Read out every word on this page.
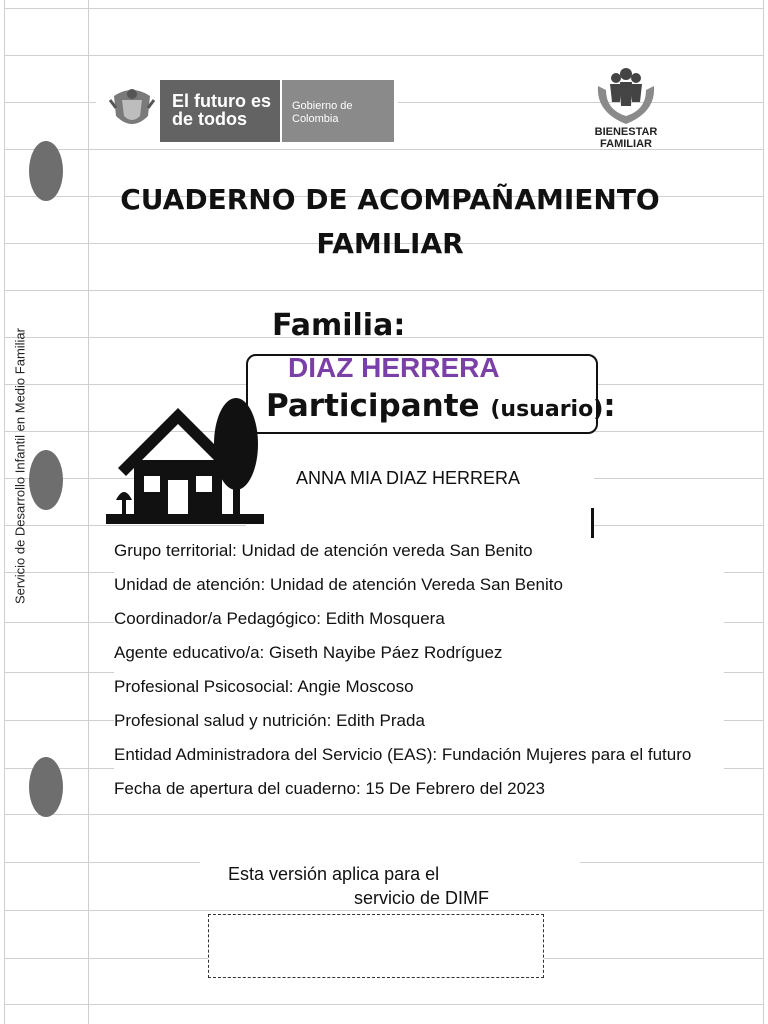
Servicio de Desarrollo Infantil en Medio Familiar
El futuro es de todos
Gobierno de Colombia
BIENESTAR FAMILIAR
CUADERNO DE ACOMPAÑAMIENTO FAMILIAR
Familia:
DIAZ HERRERA
Participante (usuario):
ANNA MIA DIAZ HERRERA
Grupo territorial: Unidad de atención vereda San Benito
Unidad de atención: Unidad de atención Vereda San Benito
Coordinador/a Pedagógico: Edith Mosquera
Agente educativo/a: Giseth Nayibe Páez Rodríguez
Profesional Psicosocial: Angie Moscoso
Profesional salud y nutrición: Edith Prada
Entidad Administradora del Servicio (EAS): Fundación Mujeres para el futuro
Fecha de apertura del cuaderno: 15 De Febrero del 2023
Esta versión aplica para el
servicio de DIMF
